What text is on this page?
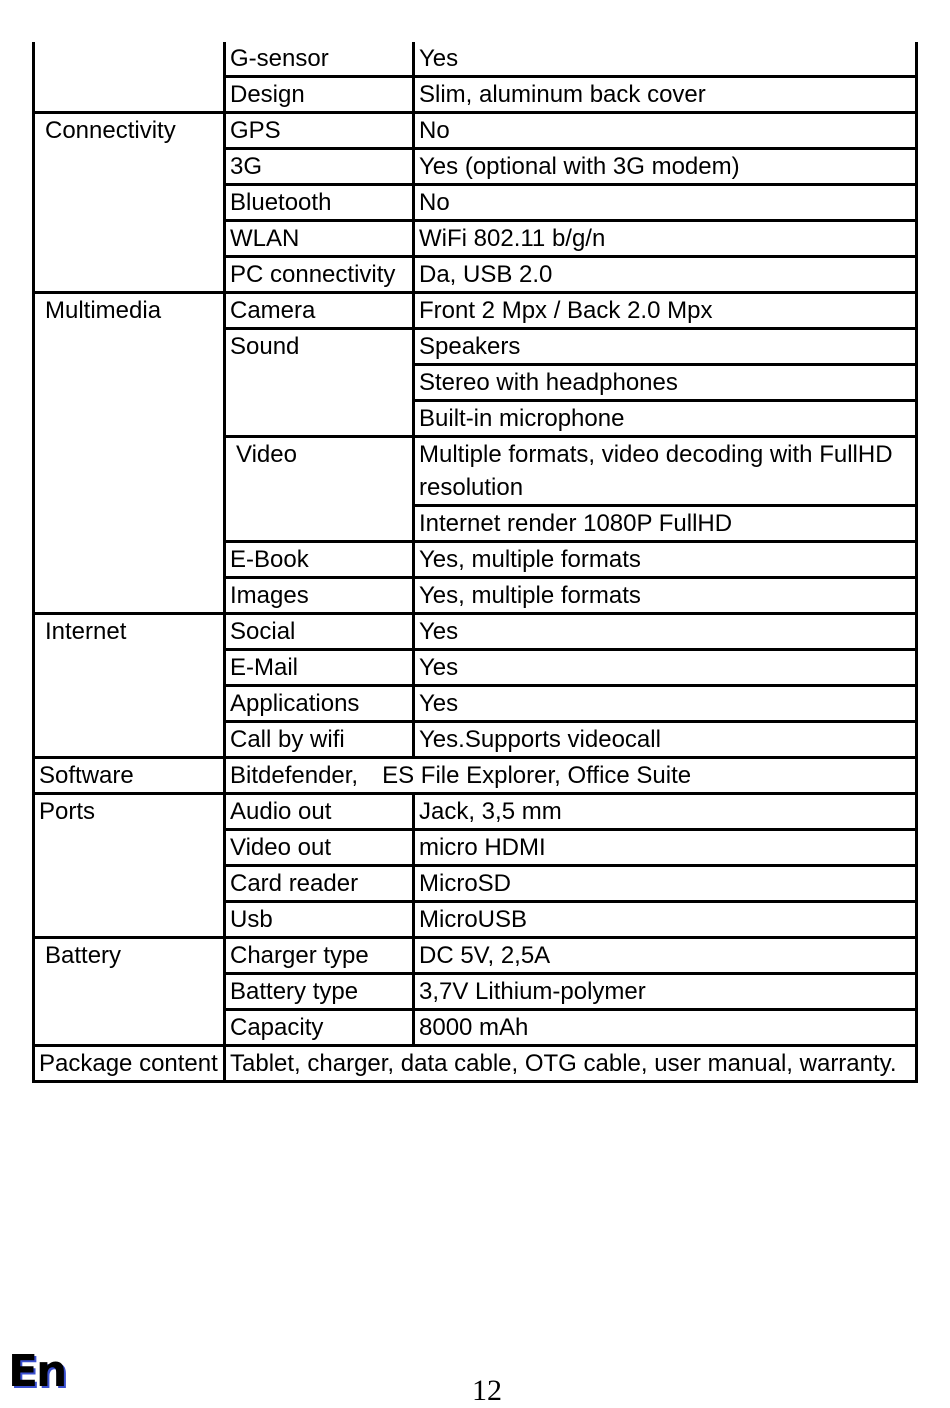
	G-sensor	Yes
	Design	Slim, aluminum back cover
Connectivity	GPS	No
	3G	Yes (optional with 3G modem)
	Bluetooth	No
	WLAN	WiFi 802.11 b/g/n
	PC connectivity	Da, USB 2.0
Multimedia	Camera	Front 2 Mpx / Back 2.0 Mpx
	Sound	Speakers
		Stereo with headphones
		Built-in microphone
	Video	Multiple formats, video decoding with FullHD resolution
		Internet render 1080P FullHD
	E-Book	Yes, multiple formats
	Images	Yes, multiple formats
Internet	Social	Yes
	E-Mail	Yes
	Applications	Yes
	Call by wifi	Yes.Supports videocall
Software	Bitdefender, ES File Explorer, Office Suite	
Ports	Audio out	Jack, 3,5 mm
	Video out	micro HDMI
	Card reader	MicroSD
	Usb	MicroUSB
Battery	Charger type	DC 5V, 2,5A
	Battery type	3,7V Lithium-polymer
	Capacity	8000 mAh
Package content	Tablet, charger, data cable, OTG cable, user manual, warranty.	
En	12
